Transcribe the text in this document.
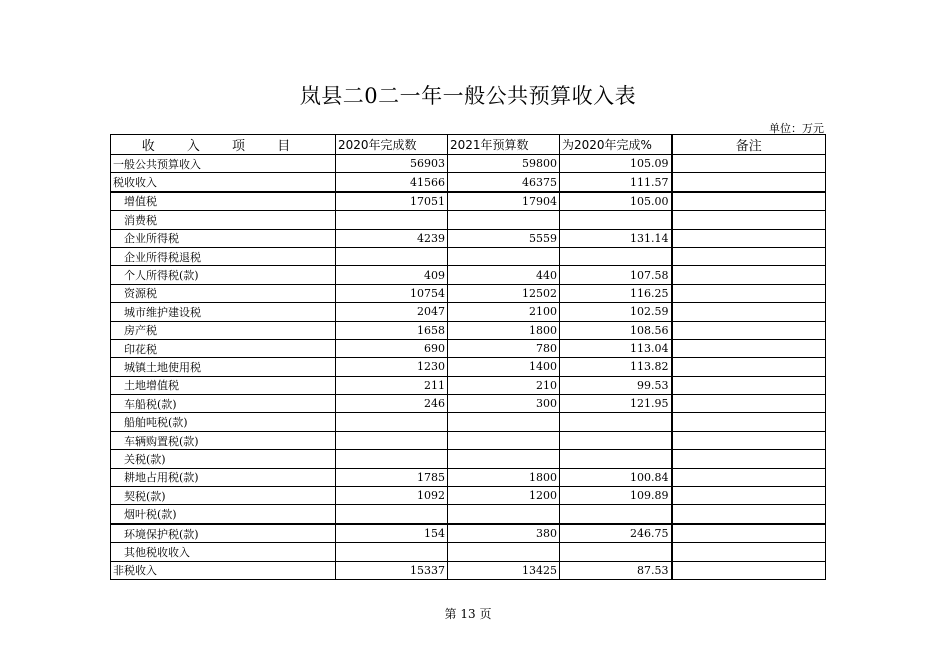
岚县二0二一年一般公共预算收入表
单位：万元
收 入 项 目	2020年完成数	2021年预算数	为2020年完成%	备注
一般公共预算收入	56903	59800	105.09	
税收收入	41566	46375	111.57	
增值税	17051	17904	105.00	
消费税				
企业所得税	4239	5559	131.14	
企业所得税退税				
个人所得税(款)	409	440	107.58	
资源税	10754	12502	116.25	
城市维护建设税	2047	2100	102.59	
房产税	1658	1800	108.56	
印花税	690	780	113.04	
城镇土地使用税	1230	1400	113.82	
土地增值税	211	210	99.53	
车船税(款)	246	300	121.95	
船舶吨税(款)				
车辆购置税(款)				
关税(款)				
耕地占用税(款)	1785	1800	100.84	
契税(款)	1092	1200	109.89	
烟叶税(款)				
环境保护税(款)	154	380	246.75	
其他税收收入				
非税收入	15337	13425	87.53	
第 13 页
